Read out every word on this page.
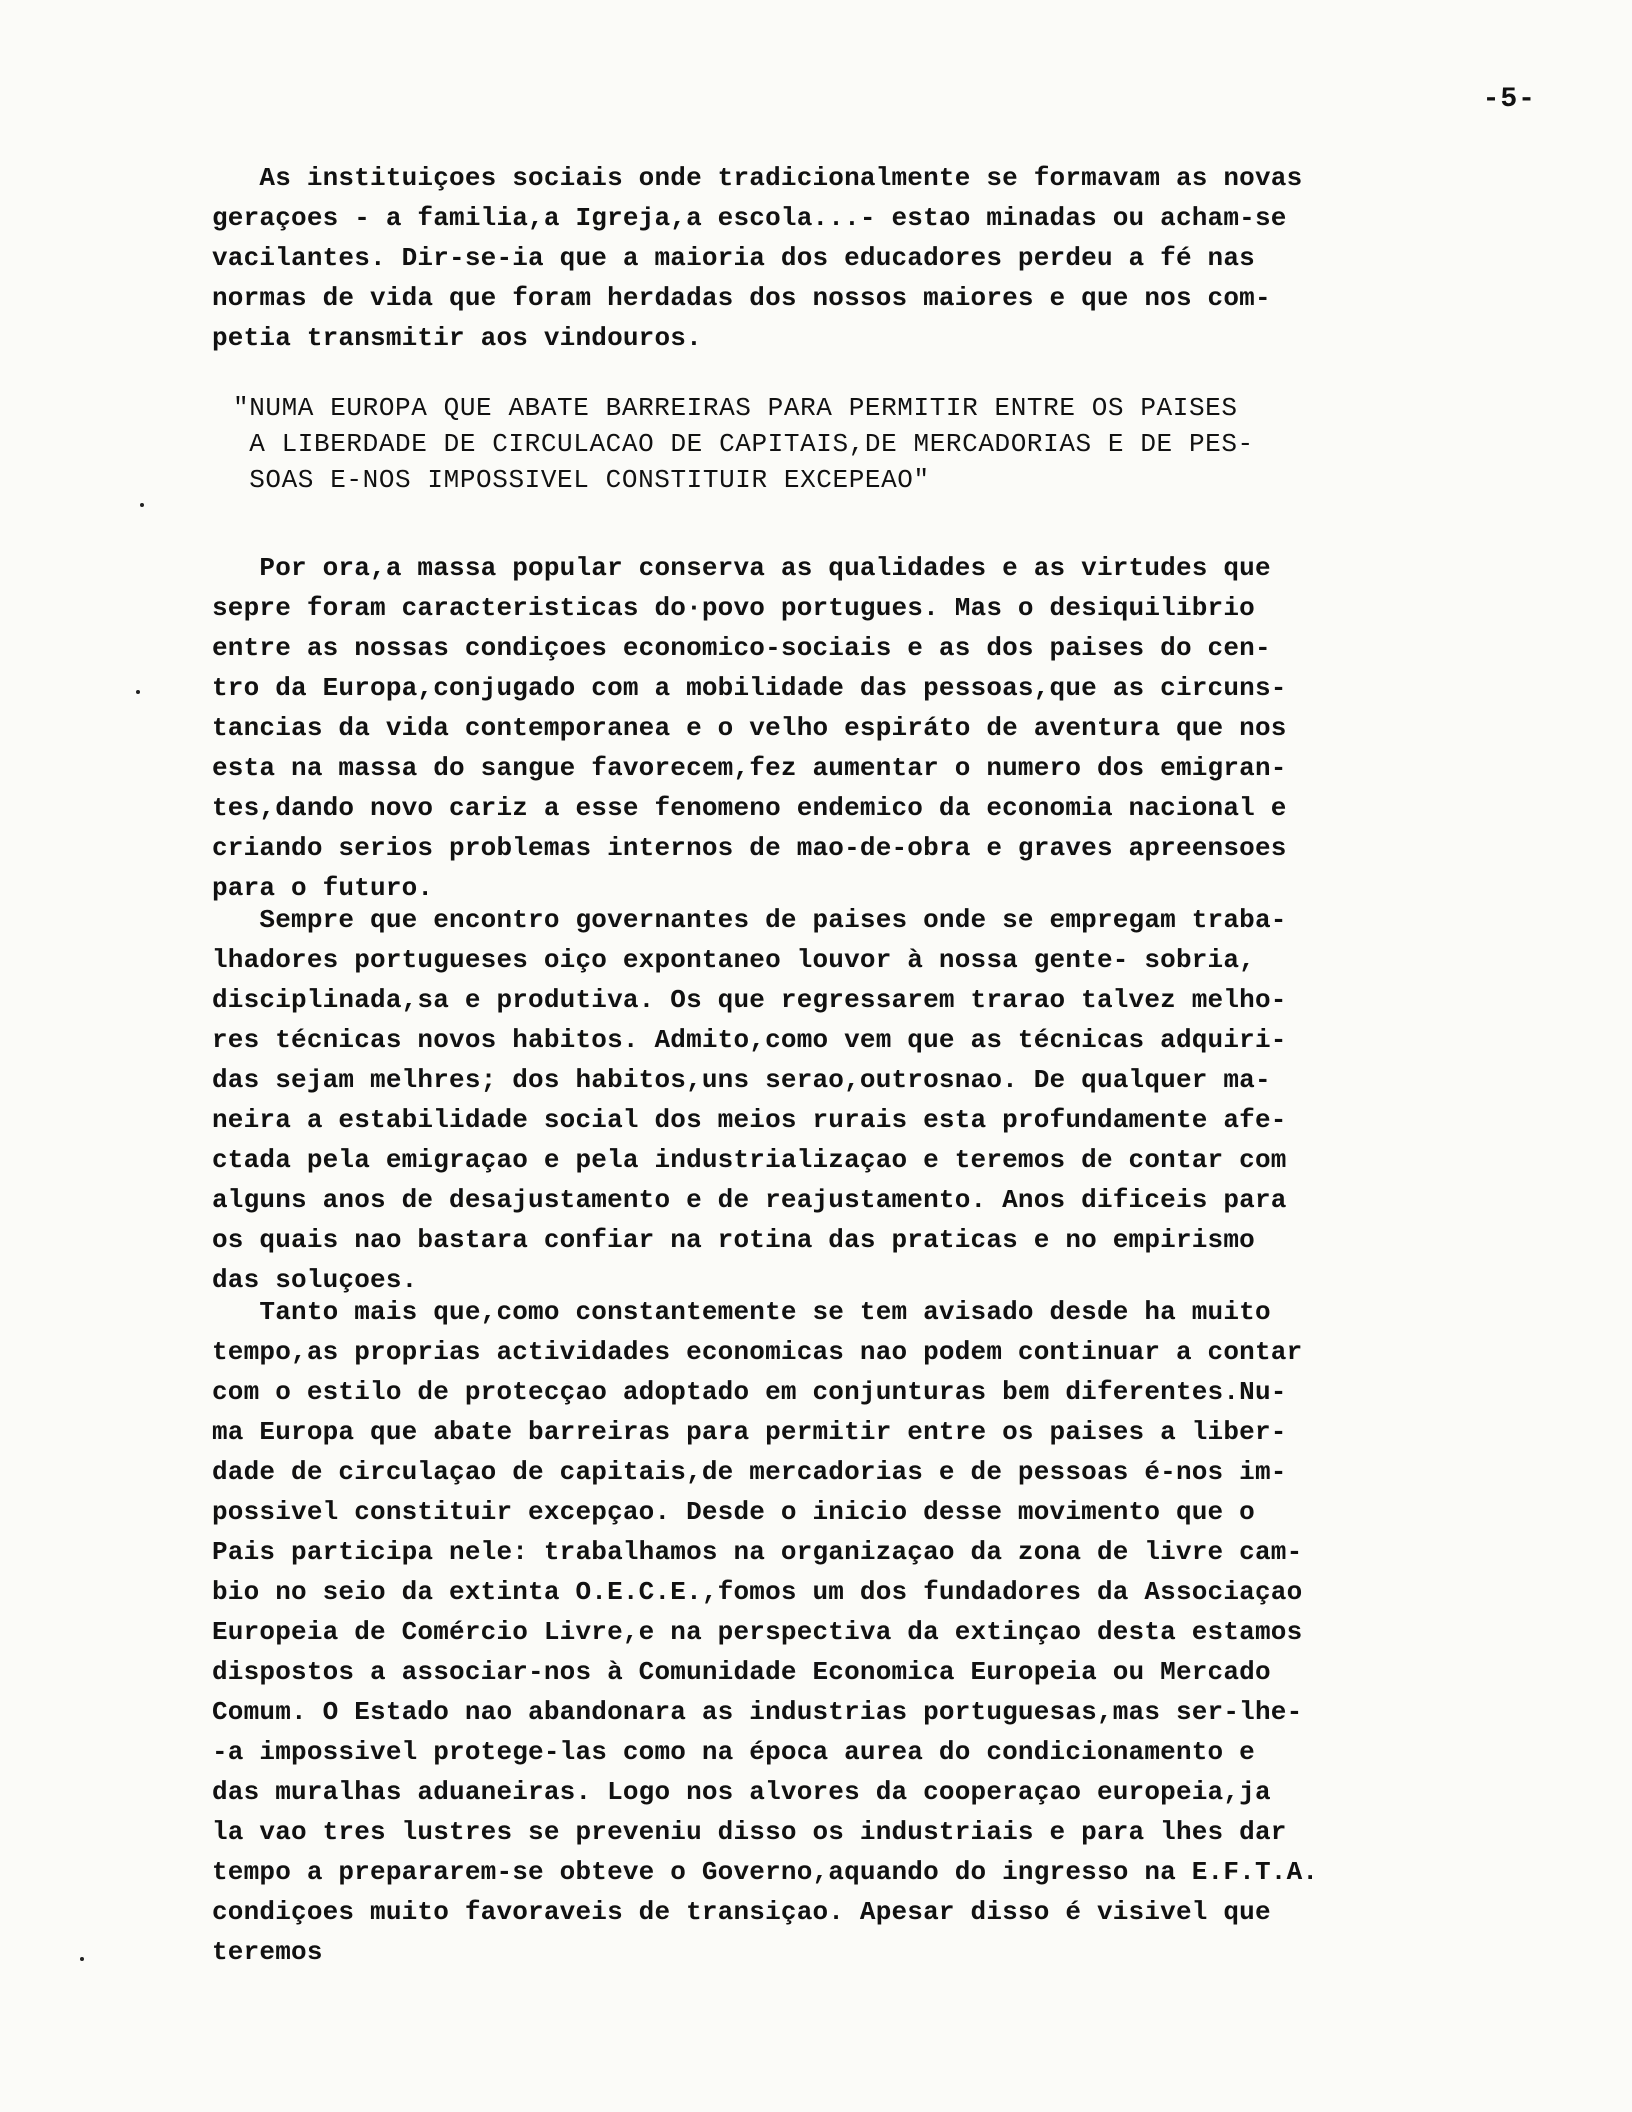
-5-
As instituiçoes sociais onde tradicionalmente se formavam as novas
geraçoes - a familia,a Igreja,a escola...- estao minadas ou acham-se
vacilantes. Dir-se-ia que a maioria dos educadores perdeu a fé nas
normas de vida que foram herdadas dos nossos maiores e que nos com-
petia transmitir aos vindouros.
"NUMA EUROPA QUE ABATE BARREIRAS PARA PERMITIR ENTRE OS PAISES
A LIBERDADE DE CIRCULACAO DE CAPITAIS,DE MERCADORIAS E DE PES-
SOAS E-NOS IMPOSSIVEL CONSTITUIR EXCEPEAO"
Por ora,a massa popular conserva as qualidades e as virtudes que
sepre foram caracteristicas do·povo portugues. Mas o desiquilibrio
entre as nossas condiçoes economico-sociais e as dos paises do cen-
tro da Europa,conjugado com a mobilidade das pessoas,que as circuns-
tancias da vida contemporanea e o velho espiráto de aventura que nos
esta na massa do sangue favorecem,fez aumentar o numero dos emigran-
tes,dando novo cariz a esse fenomeno endemico da economia nacional e
criando serios problemas internos de mao-de-obra e graves apreensoes
para o futuro.
Sempre que encontro governantes de paises onde se empregam traba-
lhadores portugueses oiço expontaneo louvor à nossa gente- sobria,
disciplinada,sa e produtiva. Os que regressarem trarao talvez melho-
res técnicas novos habitos. Admito,como vem que as técnicas adquiri-
das sejam melhres; dos habitos,uns serao,outrosnao. De qualquer ma-
neira a estabilidade social dos meios rurais esta profundamente afe-
ctada pela emigraçao e pela industrializaçao e teremos de contar com
alguns anos de desajustamento e de reajustamento. Anos dificeis para
os quais nao bastara confiar na rotina das praticas e no empirismo
das soluçoes.
Tanto mais que,como constantemente se tem avisado desde ha muito
tempo,as proprias actividades economicas nao podem continuar a contar
com o estilo de protecçao adoptado em conjunturas bem diferentes.Nu-
ma Europa que abate barreiras para permitir entre os paises a liber-
dade de circulaçao de capitais,de mercadorias e de pessoas é-nos im-
possivel constituir excepçao. Desde o inicio desse movimento que o
Pais participa nele: trabalhamos na organizaçao da zona de livre cam-
bio no seio da extinta O.E.C.E.,fomos um dos fundadores da Associaçao
Europeia de Comércio Livre,e na perspectiva da extinçao desta estamos
dispostos a associar-nos à Comunidade Economica Europeia ou Mercado
Comum. O Estado nao abandonara as industrias portuguesas,mas ser-lhe-
-a impossivel protege-las como na época aurea do condicionamento e
das muralhas aduaneiras. Logo nos alvores da cooperaçao europeia,ja
la vao tres lustres se preveniu disso os industriais e para lhes dar
tempo a prepararem-se obteve o Governo,aquando do ingresso na E.F.T.A.
condiçoes muito favoraveis de transiçao. Apesar disso é visivel que
teremos
